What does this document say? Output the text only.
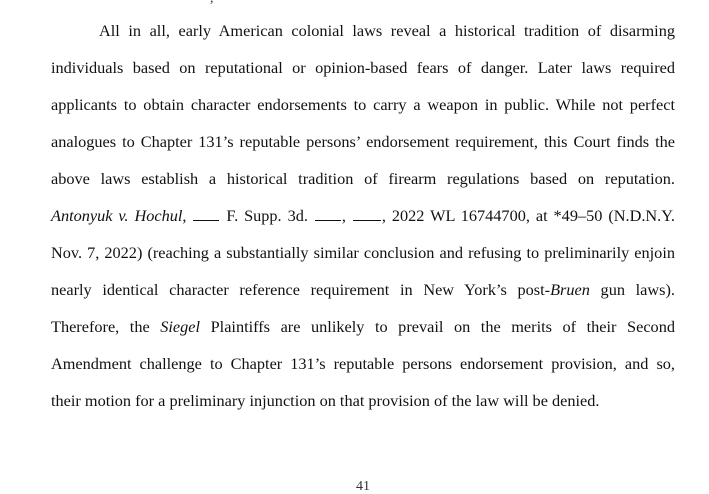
All in all, early American colonial laws reveal a historical tradition of disarming
individuals based on reputational or opinion-based fears of danger. Later laws required
applicants to obtain character endorsements to carry a weapon in public. While not perfect
analogues to Chapter 131’s reputable persons’ endorsement requirement, this Court finds the
above laws establish a historical tradition of firearm regulations based on reputation.
Antonyuk v. Hochul, F. Supp. 3d. , , 2022 WL 16744700, at *49–50 (N.D.N.Y.
Nov. 7, 2022) (reaching a substantially similar conclusion and refusing to preliminarily enjoin
nearly identical character reference requirement in New York’s post-Bruen gun laws).
Therefore, the Siegel Plaintiffs are unlikely to prevail on the merits of their Second
Amendment challenge to Chapter 131’s reputable persons endorsement provision, and so,
their motion for a preliminary injunction on that provision of the law will be denied.
41
